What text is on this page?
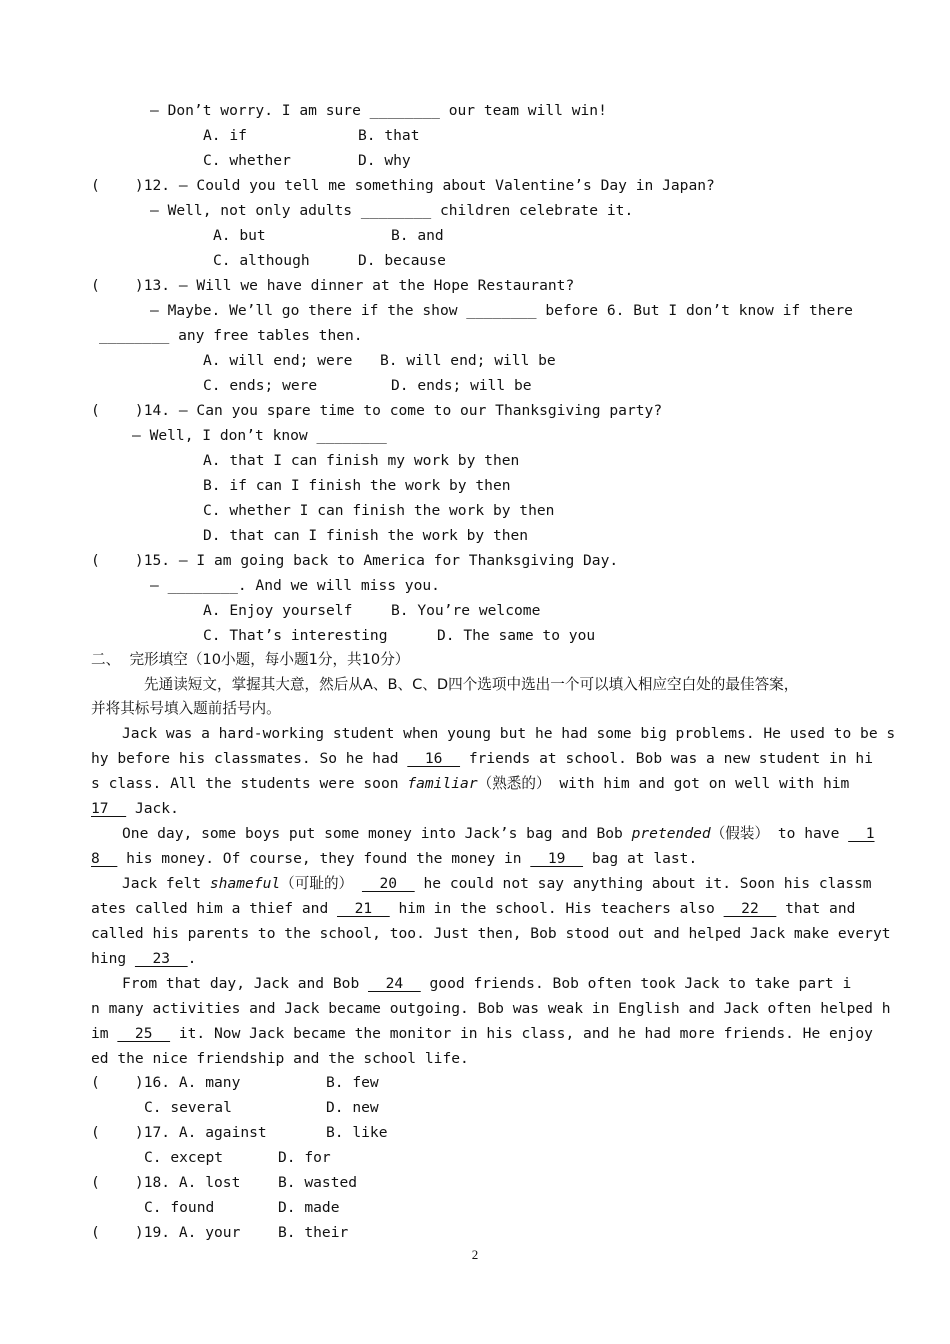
— Don’t worry. I am sure ________ our team will win!
A. if	B. that
C. whether	D. why
(    )12. — Could you tell me something about Valentine’s Day in Japan?
— Well, not only adults ________ children celebrate it.
A. but	B. and
C. although	D. because
(    )13. — Will we have dinner at the Hope Restaurant?
— Maybe. We’ll go there if the show ________ before 6. But I don’t know if there
________ any free tables then.
A. will end; were B. will end; will be
C. ends; were	D. ends; will be
(    )14. — Can you spare time to come to our Thanksgiving party?
— Well, I don’t know ________
A. that I can finish my work by then
B. if can I finish the work by then
C. whether I can finish the work by then
D. that can I finish the work by then
(    )15. — I am going back to America for Thanksgiving Day.
— ________. And we will miss you.
A. Enjoy yourself	B. You’re welcome
C. That’s interesting	D. The same to you
二、  完形填空（10小题，每小题1分，共10分）
先通读短文，掌握其大意，然后从A、B、C、D四个选项中选出一个可以填入相应空白处的最佳答案，
并将其标号填入题前括号内。
Jack was a hard-working student when young but he had some big problems. He used to be s
hy before his classmates. So he had   16   friends at school. Bob was a new student in hi
s class. All the students were soon familiar（熟悉的） with him and got on well with him
17   Jack.
One day, some boys put some money into Jack’s bag and Bob pretended（假装） to have   1
8   his money. Of course, they found the money in   19   bag at last.
Jack felt shameful（可耻的）   20   he could not say anything about it. Soon his classm
ates called him a thief and   21   him in the school. His teachers also   22   that and
called his parents to the school, too. Just then, Bob stood out and helped Jack make everyt
hing   23  .
From that day, Jack and Bob   24   good friends. Bob often took Jack to take part i
n many activities and Jack became outgoing. Bob was weak in English and Jack often helped h
im   25   it. Now Jack became the monitor in his class, and he had more friends. He enjoy
ed the nice friendship and the school life.
(    )16. A. many	B. few
C. several	D. new
(    )17. A. against	B. like
C. except	D. for
(    )18. A. lost	B. wasted
C. found	D. made
(    )19. A. your	B. their
2
